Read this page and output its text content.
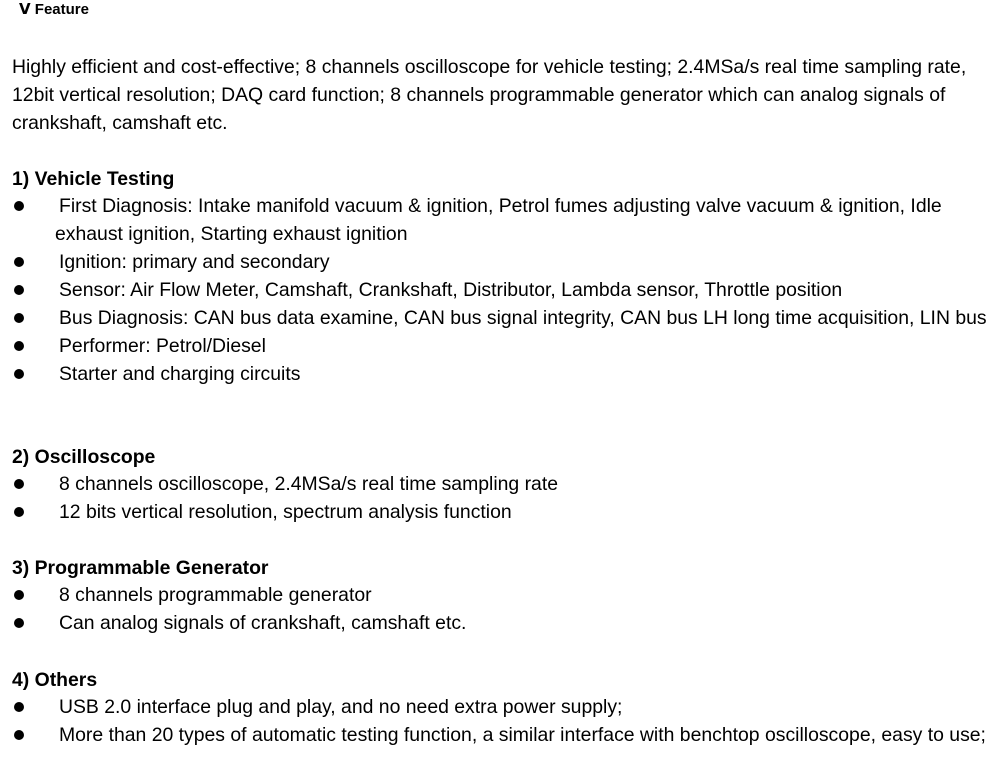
Ⅴ Feature
Highly efficient and cost-effective; 8 channels oscilloscope for vehicle testing; 2.4MSa/s real time sampling rate, 12bit vertical resolution; DAQ card function; 8 channels programmable generator which can analog signals of crankshaft, camshaft etc.
1) Vehicle Testing
First Diagnosis: Intake manifold vacuum & ignition, Petrol fumes adjusting valve vacuum & ignition, Idle exhaust ignition, Starting exhaust ignition
Ignition: primary and secondary
Sensor: Air Flow Meter, Camshaft, Crankshaft, Distributor, Lambda sensor, Throttle position
Bus Diagnosis: CAN bus data examine, CAN bus signal integrity, CAN bus LH long time acquisition, LIN bus
Performer: Petrol/Diesel
Starter and charging circuits
2) Oscilloscope
8 channels oscilloscope, 2.4MSa/s real time sampling rate
12 bits vertical resolution, spectrum analysis function
3) Programmable Generator
8 channels programmable generator
Can analog signals of crankshaft, camshaft etc.
4) Others
USB 2.0 interface plug and play, and no need extra power supply;
More than 20 types of automatic testing function, a similar interface with benchtop oscilloscope, easy to use;
